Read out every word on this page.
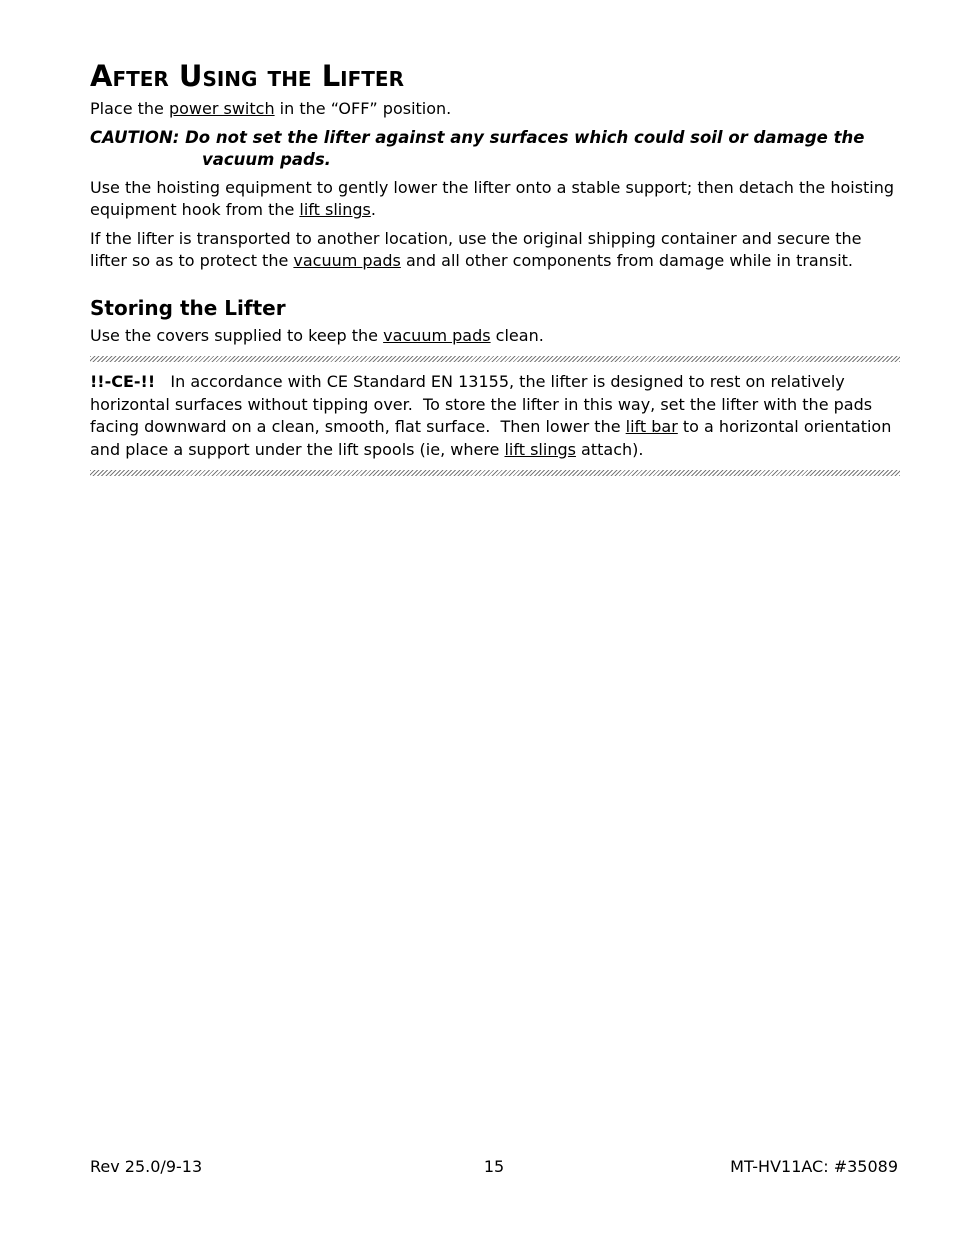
After Using the Lifter

Place the power switch in the “OFF” position.

CAUTION: Do not set the lifter against any surfaces which could soil or damage the vacuum pads.

Use the hoisting equipment to gently lower the lifter onto a stable support; then detach the hoisting equipment hook from the lift slings.

If the lifter is transported to another location, use the original shipping container and secure the lifter so as to protect the vacuum pads and all other components from damage while in transit.

Storing the Lifter

Use the covers supplied to keep the vacuum pads clean.

!!-CE-!!   In accordance with CE Standard EN 13155, the lifter is designed to rest on relatively horizontal surfaces without tipping over.  To store the lifter in this way, set the lifter with the pads facing downward on a clean, smooth, flat surface.  Then lower the lift bar to a horizontal orientation and place a support under the lift spools (ie, where lift slings attach).

Rev 25.0/9-13	15	MT-HV11AC: #35089
